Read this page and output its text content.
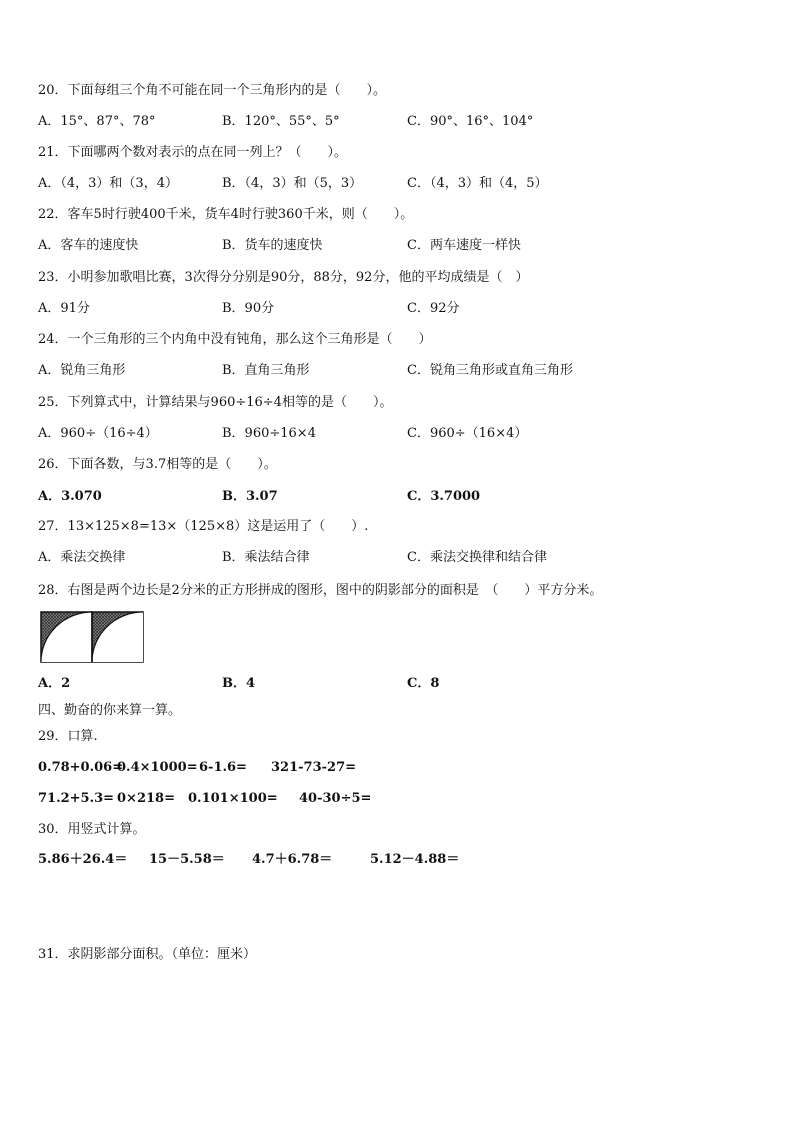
20．下面每组三个角不可能在同一个三角形内的是（　　）。
A．15°、87°、78°	B．120°、55°、5°	C．90°、16°、104°
21．下面哪两个数对表示的点在同一列上？（　　）。
A．（4，3）和（3，4）	B．（4，3）和（5，3）	C．（4，3）和（4，5）
22．客车5时行驶400千米，货车4时行驶360千米，则（　　）。
A．客车的速度快	B．货车的速度快	C．两车速度一样快
23．小明参加歌唱比赛，3次得分分别是90分，88分，92分，他的平均成绩是（　）
A．91分	B．90分	C．92分
24．一个三角形的三个内角中没有钝角，那么这个三角形是（　　）
A．锐角三角形	B．直角三角形	C．锐角三角形或直角三角形
25．下列算式中，计算结果与960÷16÷4相等的是（　　）。
A．960÷（16÷4）	B．960÷16×4	C．960÷（16×4）
26．下面各数，与3.7相等的是（　　）。
A．3.070	B．3.07	C．3.7000
27．13×125×8=13×（125×8）这是运用了（　　）.
A．乘法交换律	B．乘法结合律	C．乘法交换律和结合律
28．右图是两个边长是2分米的正方形拼成的图形，图中的阴影部分的面积是　（　　）平方分米。
A．2	B．4	C．8
四、勤奋的你来算一算。
29．口算.
0.78+0.06=
0.4×1000= 6-1.6= 321-73-27=
71.2+5.3= 0×218= 0.101×100= 40-30÷5=
30．用竖式计算。
5.86＋26.4＝ 15－5.58＝ 4.7＋6.78＝	5.12－4.88＝
31．求阴影部分面积。（单位：厘米）
